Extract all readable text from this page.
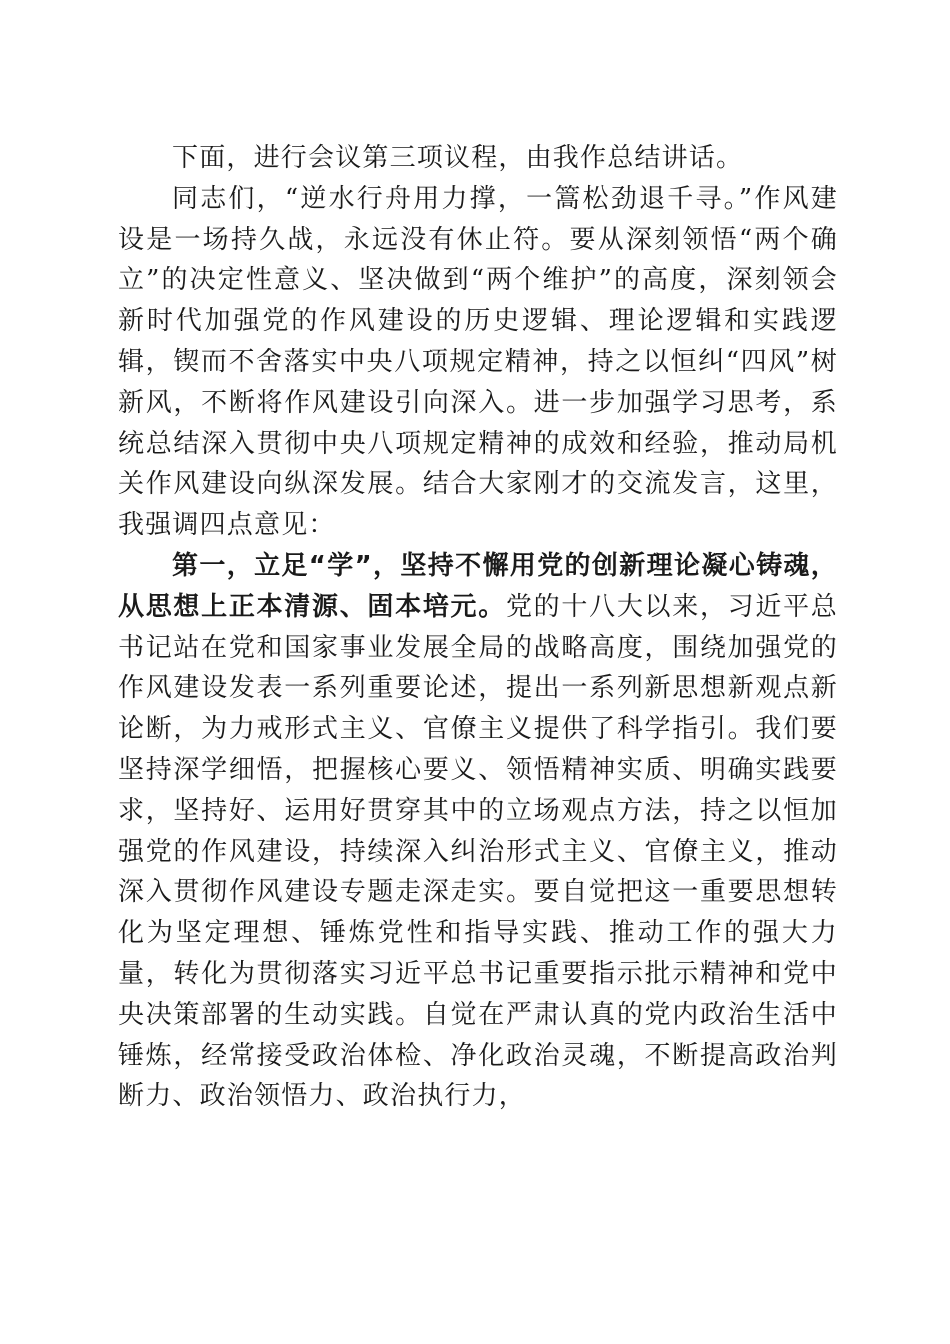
下面，进行会议第三项议程，由我作总结讲话。

同志们，“逆水行舟用力撑，一篙松劲退千寻。”作风建设是一场持久战，永远没有休止符。要从深刻领悟“两个确立”的决定性意义、坚决做到“两个维护”的高度，深刻领会新时代加强党的作风建设的历史逻辑、理论逻辑和实践逻辑，锲而不舍落实中央八项规定精神，持之以恒纠“四风”树新风，不断将作风建设引向深入。进一步加强学习思考，系统总结深入贯彻中央八项规定精神的成效和经验，推动局机关作风建设向纵深发展。结合大家刚才的交流发言，这里，我强调四点意见：

第一，立足“学”，坚持不懈用党的创新理论凝心铸魂，从思想上正本清源、固本培元。党的十八大以来，习近平总书记站在党和国家事业发展全局的战略高度，围绕加强党的作风建设发表一系列重要论述，提出一系列新思想新观点新论断，为力戒形式主义、官僚主义提供了科学指引。我们要坚持深学细悟，把握核心要义、领悟精神实质、明确实践要求，坚持好、运用好贯穿其中的立场观点方法，持之以恒加强党的作风建设，持续深入纠治形式主义、官僚主义，推动深入贯彻作风建设专题走深走实。要自觉把这一重要思想转化为坚定理想、锤炼党性和指导实践、推动工作的强大力量，转化为贯彻落实习近平总书记重要指示批示精神和党中央决策部署的生动实践。自觉在严肃认真的党内政治生活中锤炼，经常接受政治体检、净化政治灵魂，不断提高政治判断力、政治领悟力、政治执行力，
